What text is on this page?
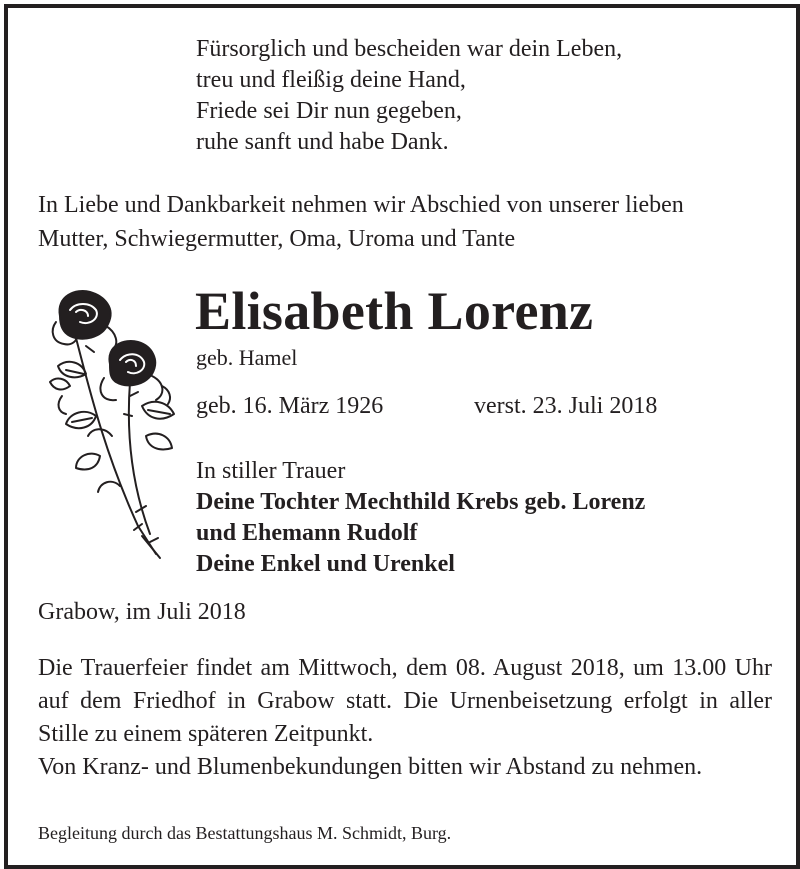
Fürsorglich und bescheiden war dein Leben,
treu und fleißig deine Hand,
Friede sei Dir nun gegeben,
ruhe sanft und habe Dank.
In Liebe und Dankbarkeit nehmen wir Abschied von unserer lieben
Mutter, Schwiegermutter, Oma, Uroma und Tante
Elisabeth Lorenz
geb. Hamel
geb. 16. März 1926	verst. 23. Juli 2018
In stiller Trauer
Deine Tochter Mechthild Krebs geb. Lorenz
und Ehemann Rudolf
Deine Enkel und Urenkel
Grabow, im Juli 2018

Die Trauerfeier findet am Mittwoch, dem 08. August 2018, um 13.00 Uhr auf dem Friedhof in Grabow statt. Die Urnenbeisetzung erfolgt in aller Stille zu einem späteren Zeitpunkt.

Von Kranz- und Blumenbekundungen bitten wir Abstand zu nehmen.

Begleitung durch das Bestattungshaus M. Schmidt, Burg.
